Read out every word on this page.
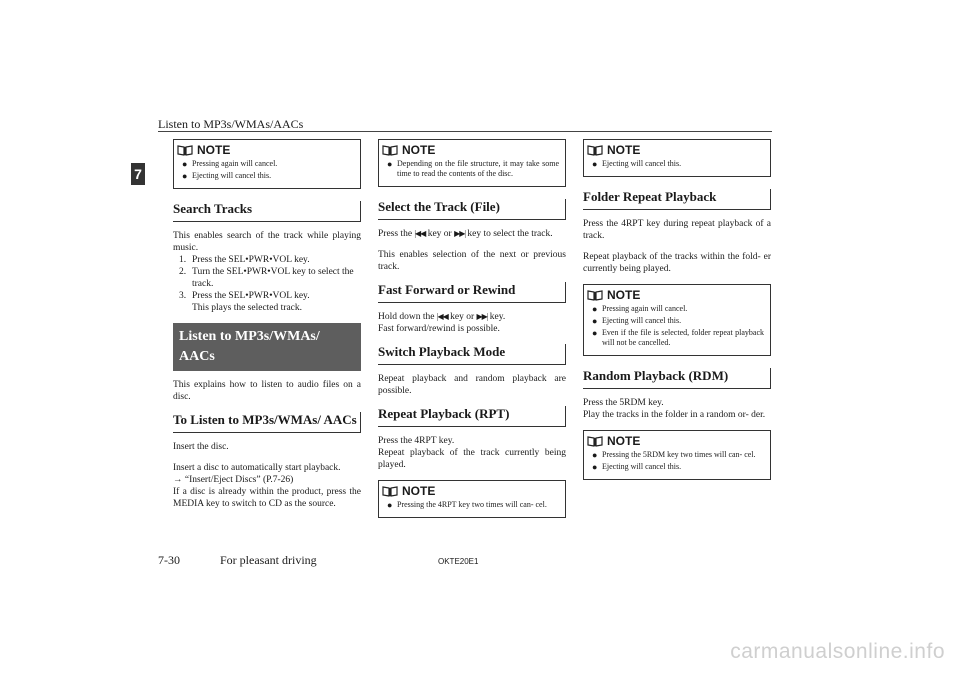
Listen to MP3s/WMAs/AACs
7
NOTE
● Pressing again will cancel.
● Ejecting will cancel this.
Search Tracks

This enables search of the track while playing music.

1. Press the SEL•PWR•VOL key.
2. Turn the SEL•PWR•VOL key to select the track.
3. Press the SEL•PWR•VOL key.
This plays the selected track.
Listen to MP3s/WMAs/ AACs

This explains how to listen to audio files on a disc.

To Listen to MP3s/WMAs/ AACs

Insert the disc.

Insert a disc to automatically start playback.
→ “Insert/Eject Discs” (P.7-26)
If a disc is already within the product, press the MEDIA key to switch to CD as the source.

NOTE
● Depending on the file structure, it may take some time to read the contents of the disc.
Select the Track (File)

Press the |◀◀ key or ▶▶| key to select the track.

This enables selection of the next or previous track.

Fast Forward or Rewind

Hold down the |◀◀ key or ▶▶| key.
Fast forward/rewind is possible.

Switch Playback Mode

Repeat playback and random playback are possible.

Repeat Playback (RPT)

Press the 4RPT key.
Repeat playback of the track currently being played.

NOTE
● Pressing the 4RPT key two times will can- cel.
NOTE
● Ejecting will cancel this.
Folder Repeat Playback

Press the 4RPT key during repeat playback of a track.

Repeat playback of the tracks within the fold- er currently being played.

NOTE
● Pressing again will cancel.
● Ejecting will cancel this.
● Even if the file is selected, folder repeat playback will not be cancelled.
Random Playback (RDM)

Press the 5RDM key.
Play the tracks in the folder in a random or- der.

NOTE
● Pressing the 5RDM key two times will can- cel.
● Ejecting will cancel this.
7-30	For pleasant driving	OKTE20E1
carmanualsonline.info
